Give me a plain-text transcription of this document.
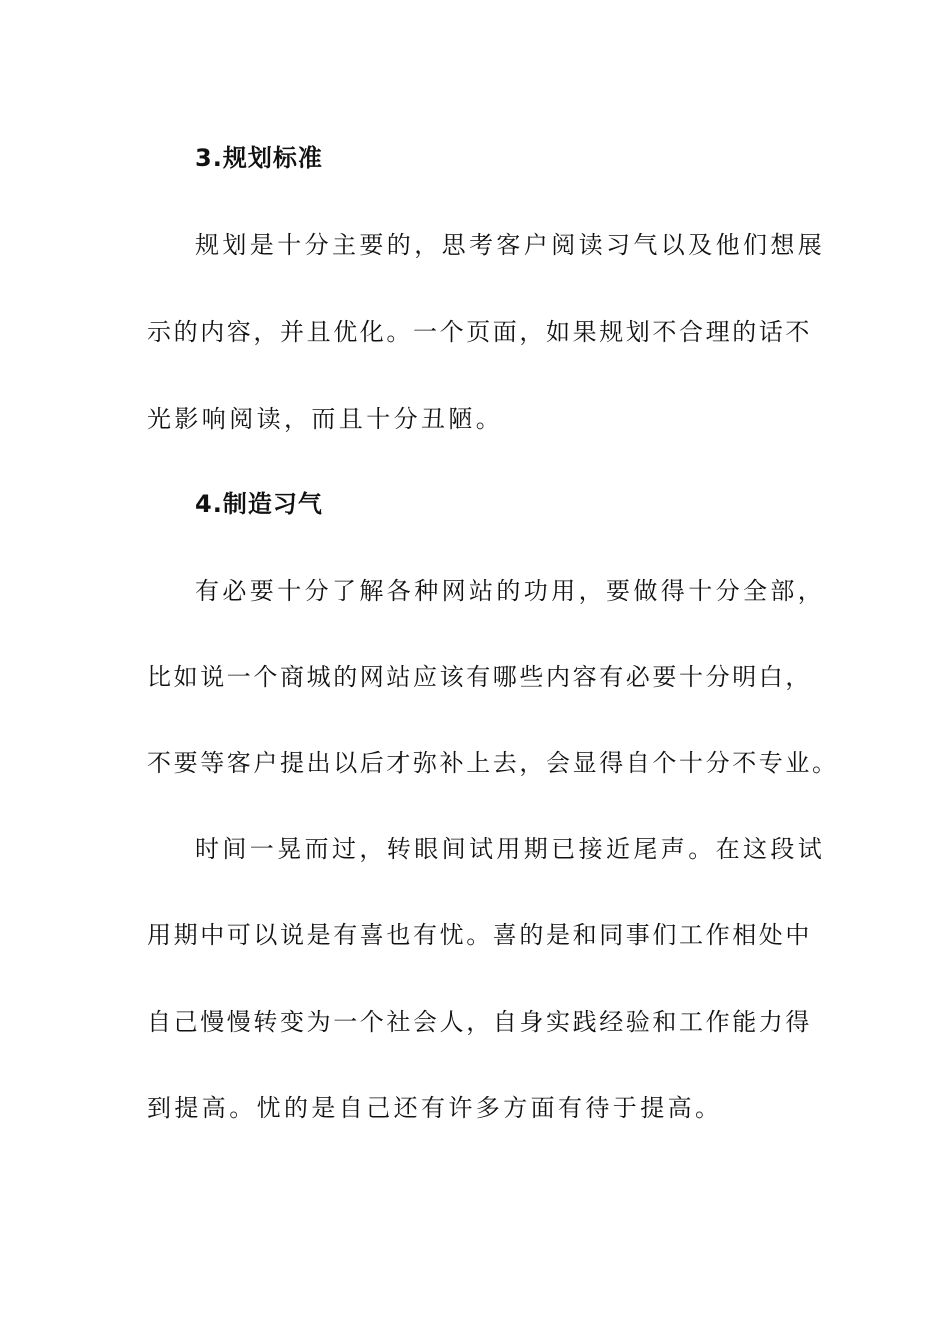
3.规划标准
规划是十分主要的，思考客户阅读习气以及他们想展
示的内容，并且优化。一个页面，如果规划不合理的话不
光影响阅读，而且十分丑陋。
4.制造习气
有必要十分了解各种网站的功用，要做得十分全部，
比如说一个商城的网站应该有哪些内容有必要十分明白，
不要等客户提出以后才弥补上去，会显得自个十分不专业。
时间一晃而过，转眼间试用期已接近尾声。在这段试
用期中可以说是有喜也有忧。喜的是和同事们工作相处中
自己慢慢转变为一个社会人，自身实践经验和工作能力得
到提高。忧的是自己还有许多方面有待于提高。
